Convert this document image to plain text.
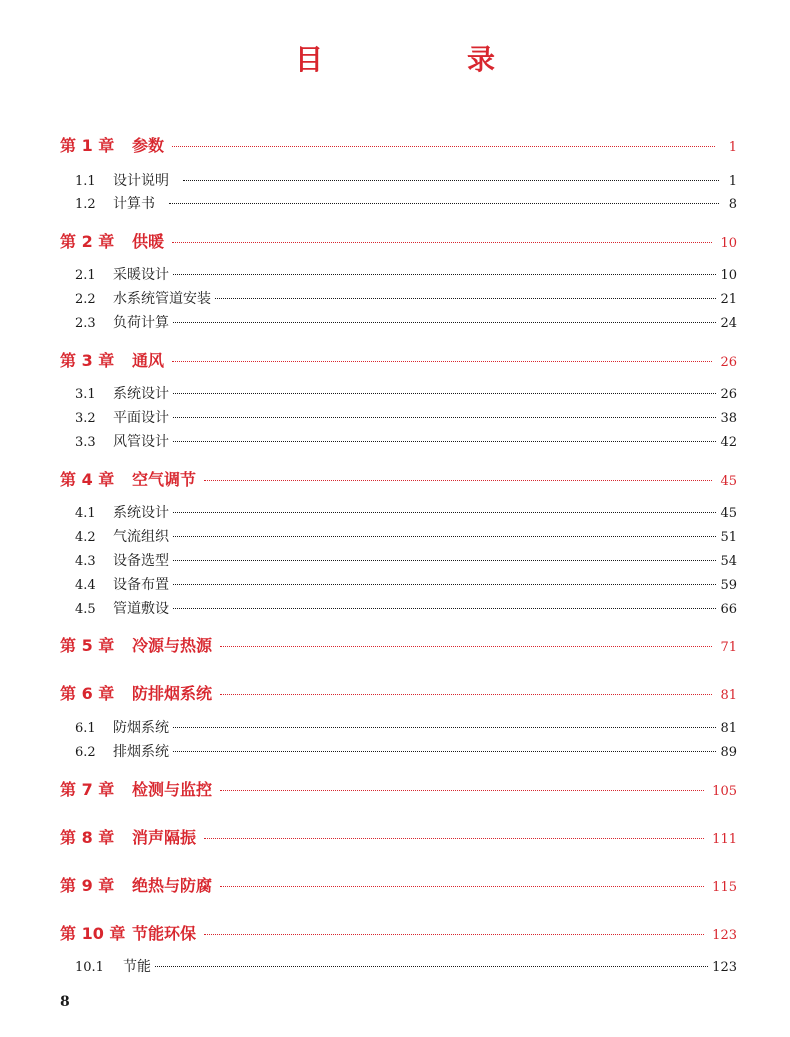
目　录
第 1 章	参数	1
1.1	设计说明	1
1.2	计算书	8
第 2 章	供暖	10
2.1	采暖设计	10
2.2	水系统管道安装	21
2.3	负荷计算	24
第 3 章	通风	26
3.1	系统设计	26
3.2	平面设计	38
3.3	风管设计	42
第 4 章	空气调节	45
4.1	系统设计	45
4.2	气流组织	51
4.3	设备选型	54
4.4	设备布置	59
4.5	管道敷设	66
第 5 章	冷源与热源	71
第 6 章	防排烟系统	81
6.1	防烟系统	81
6.2	排烟系统	89
第 7 章	检测与监控	105
第 8 章	消声隔振	111
第 9 章	绝热与防腐	115
第 10 章 节能环保	123
10.1	节能	123
8
